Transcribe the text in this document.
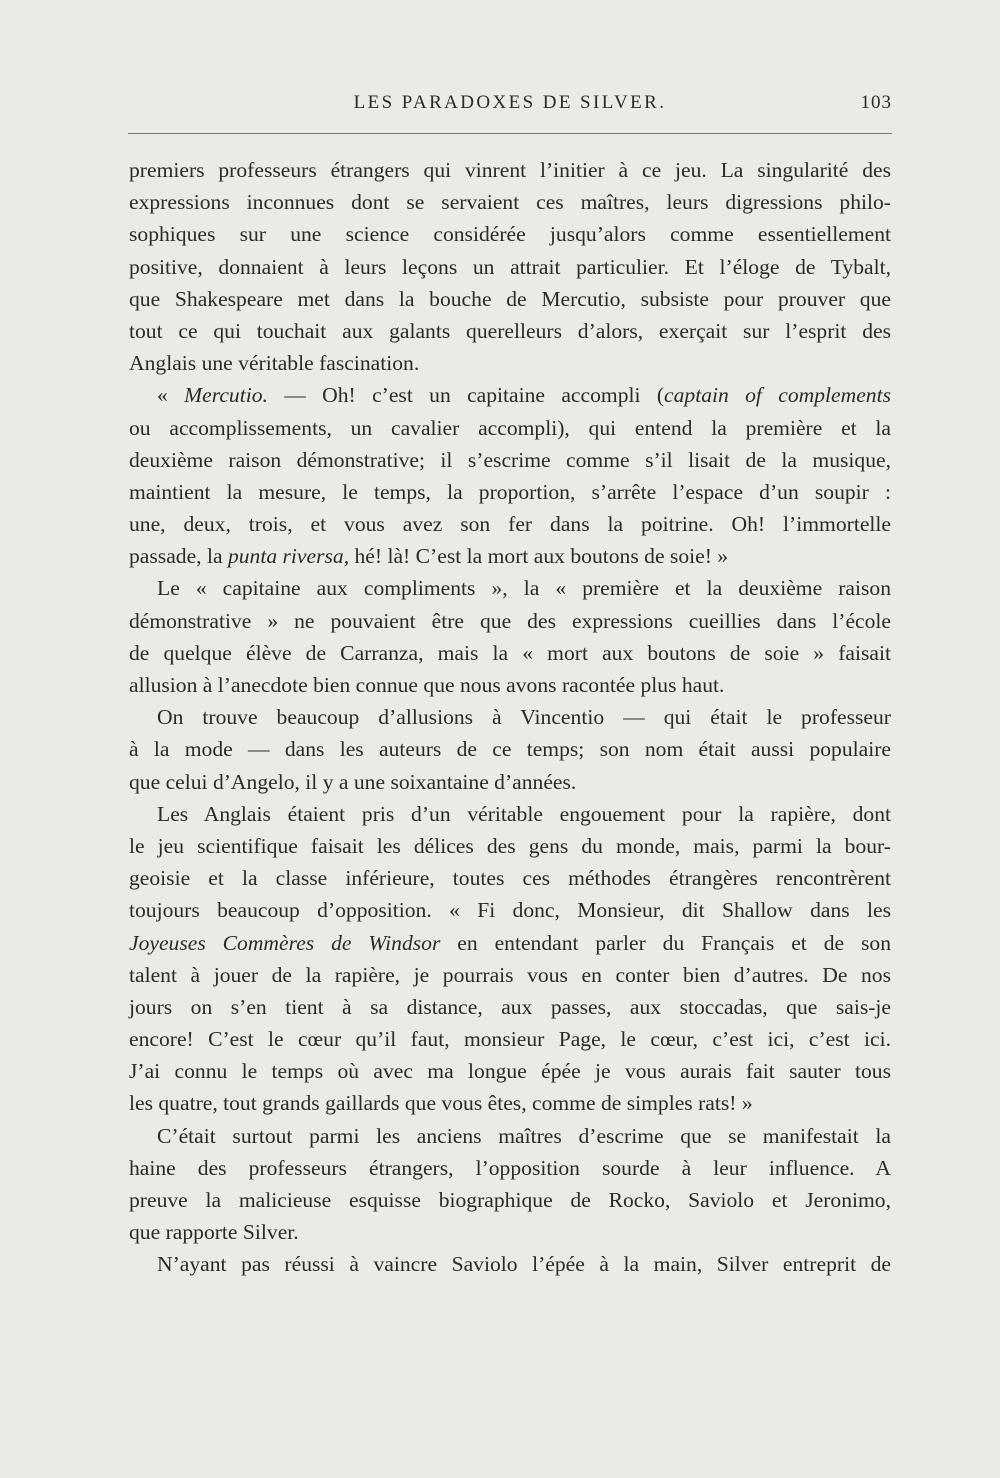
LES PARADOXES DE SILVER.	103
premiers professeurs étrangers qui vinrent l’initier à ce jeu. La singularité des
expressions inconnues dont se servaient ces maîtres, leurs digressions philo-
sophiques sur une science considérée jusqu’alors comme essentiellement
positive, donnaient à leurs leçons un attrait particulier. Et l’éloge de Tybalt,
que Shakespeare met dans la bouche de Mercutio, subsiste pour prouver que
tout ce qui touchait aux galants querelleurs d’alors, exerçait sur l’esprit des
Anglais une véritable fascination.
« Mercutio. — Oh! c’est un capitaine accompli (captain of complements
ou accomplissements, un cavalier accompli), qui entend la première et la
deuxième raison démonstrative; il s’escrime comme s’il lisait de la musique,
maintient la mesure, le temps, la proportion, s’arrête l’espace d’un soupir :
une, deux, trois, et vous avez son fer dans la poitrine. Oh! l’immortelle
passade, la punta riversa, hé! là! C’est la mort aux boutons de soie! »
Le « capitaine aux compliments », la « première et la deuxième raison
démonstrative » ne pouvaient être que des expressions cueillies dans l’école
de quelque élève de Carranza, mais la « mort aux boutons de soie » faisait
allusion à l’anecdote bien connue que nous avons racontée plus haut.
On trouve beaucoup d’allusions à Vincentio — qui était le professeur
à la mode — dans les auteurs de ce temps; son nom était aussi populaire
que celui d’Angelo, il y a une soixantaine d’années.
Les Anglais étaient pris d’un véritable engouement pour la rapière, dont
le jeu scientifique faisait les délices des gens du monde, mais, parmi la bour-
geoisie et la classe inférieure, toutes ces méthodes étrangères rencontrèrent
toujours beaucoup d’opposition. « Fi donc, Monsieur, dit Shallow dans les
Joyeuses Commères de Windsor en entendant parler du Français et de son
talent à jouer de la rapière, je pourrais vous en conter bien d’autres. De nos
jours on s’en tient à sa distance, aux passes, aux stoccadas, que sais-je
encore! C’est le cœur qu’il faut, monsieur Page, le cœur, c’est ici, c’est ici.
J’ai connu le temps où avec ma longue épée je vous aurais fait sauter tous
les quatre, tout grands gaillards que vous êtes, comme de simples rats! »
C’était surtout parmi les anciens maîtres d’escrime que se manifestait la
haine des professeurs étrangers, l’opposition sourde à leur influence. A
preuve la malicieuse esquisse biographique de Rocko, Saviolo et Jeronimo,
que rapporte Silver.
N’ayant pas réussi à vaincre Saviolo l’épée à la main, Silver entreprit de
